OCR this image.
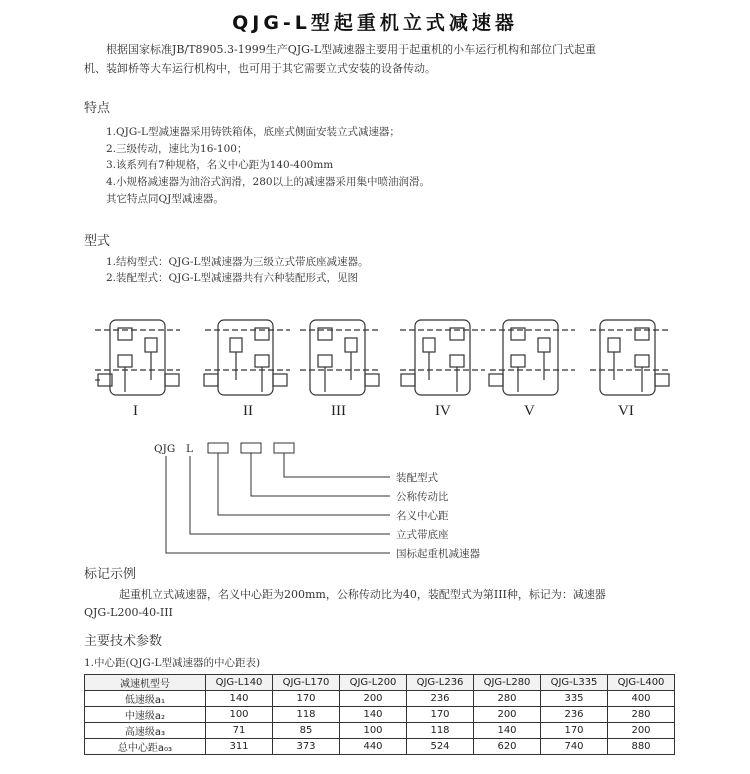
QJG-L型起重机立式减速器
根据国家标准JB/T8905.3-1999生产QJG-L型减速器主要用于起重机的小车运行机构和部位门式起重
机、装卸桥等大车运行机构中，也可用于其它需要立式安装的设备传动。
特点
1.QJG-L型减速器采用铸铁箱体，底座式侧面安装立式减速器；
2.三级传动，速比为16-100；
3.该系列有7种规格，名义中心距为140-400mm
4.小规格减速器为油浴式润滑，280以上的减速器采用集中喷油润滑。
其它特点同QJ型减速器。
型式
1.结构型式：QJG-L型减速器为三级立式带底座减速器。
2.装配型式：QJG-L型减速器共有六种装配形式，见图
I	II	III	IV	V	VI
QJG L
装配型式
公称传动比
名义中心距
立式带底座
国标起重机减速器
标记示例
起重机立式减速器，名义中心距为200mm，公称传动比为40，装配型式为第III种，标记为：减速器
QJG-L200-40-III
主要技术参数
1.中心距(QJG-L型减速器的中心距表)
减速机型号	QJG-L140	QJG-L170	QJG-L200	QJG-L236	QJG-L280	QJG-L335	QJG-L400
低速级a₁	140	170	200	236	280	335	400
中速级a₂	100	118	140	170	200	236	280
高速级a₃	71	85	100	118	140	170	200
总中心距a₀₃	311	373	440	524	620	740	880
